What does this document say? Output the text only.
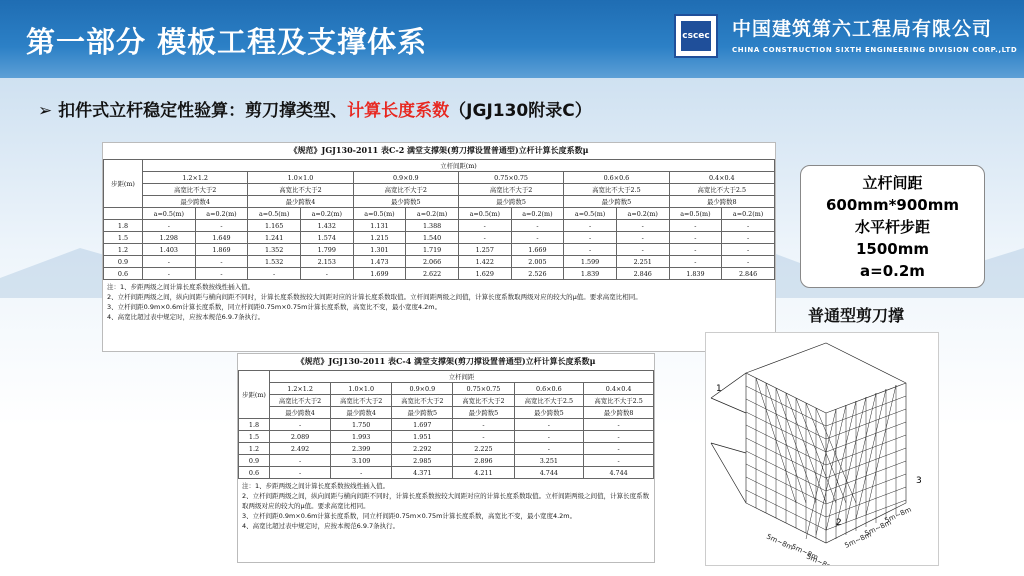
第一部分 模板工程及支撑体系	cscec 中国建筑第六工程局有限公司
CHINA CONSTRUCTION SIXTH ENGINEERING DIVISION CORP.,LTD
➢ 扣件式立杆稳定性验算：剪刀撑类型、计算长度系数（JGJ130附录C）
《规范》JGJ130-2011 表C-2 满堂支撑架(剪刀撑设置普通型)立杆计算长度系数μ
步距(m)	立杆间距(m)											
	1.2×1.2		1.0×1.0		0.9×0.9		0.75×0.75		0.6×0.6		0.4×0.4	
	高宽比不大于2		高宽比不大于2		高宽比不大于2		高宽比不大于2		高宽比不大于2.5		高宽比不大于2.5	
	最少跨数4		最少跨数4		最少跨数5		最少跨数5		最少跨数5		最少跨数8	
	a=0.5(m)	a=0.2(m)	a=0.5(m)	a=0.2(m)	a=0.5(m)	a=0.2(m)	a=0.5(m)	a=0.2(m)	a=0.5(m)	a=0.2(m)	a=0.5(m)	a=0.2(m)
1.8	-	-	1.165	1.432	1.131	1.388	-	-	-	-	-	-
1.5	1.298	1.649	1.241	1.574	1.215	1.540	-	-	-	-	-	-
1.2	1.403	1.869	1.352	1.799	1.301	1.719	1.257	1.669	-	-	-	-
0.9	-	-	1.532	2.153	1.473	2.066	1.422	2.005	1.599	2.251	-	-
0.6	-	-	-	-	1.699	2.622	1.629	2.526	1.839	2.846	1.839	2.846
注：1、步距两级之间计算长度系数按线性插入值。
2、立杆间距两级之间，纵向间距与横向间距不同时，计算长度系数按较大间距对应的计算长度系数取值。立杆间距两级之间值，计算长度系数取两级对应的较大的μ值。要求高宽比相同。
3、立杆间距0.9m×0.6m计算长度系数，同立杆间距0.75m×0.75m计算长度系数，高宽比不变，最小宽度4.2m。
4、高宽比超过表中规定时，应按本规范6.9.7条执行。
《规范》JGJ130-2011 表C-4 满堂支撑架(剪刀撑设置普通型)立杆计算长度系数μ
步距(m)	立杆间距					
	1.2×1.2	1.0×1.0	0.9×0.9	0.75×0.75	0.6×0.6	0.4×0.4
	高宽比不大于2	高宽比不大于2	高宽比不大于2	高宽比不大于2	高宽比不大于2.5	高宽比不大于2.5
	最少跨数4	最少跨数4	最少跨数5	最少跨数5	最少跨数5	最少跨数8
1.8	-	1.750	1.697	-	-	-
1.5	2.089	1.993	1.951	-	-	-
1.2	2.492	2.399	2.292	2.225	-	-
0.9	-	3.109	2.985	2.896	3.251	-
0.6	-	-	4.371	4.211	4.744	4.744
注：1、步距两级之间计算长度系数按线性插入值。
2、立杆间距两级之间，纵向间距与横向间距不同时，计算长度系数按较大间距对应的计算长度系数取值。立杆间距两级之间值，计算长度系数取两级对应的较大的μ值。要求高宽比相同。
3、立杆间距0.9m×0.6m计算长度系数，同立杆间距0.75m×0.75m计算长度系数，高宽比不变，最小宽度4.2m。
4、高宽比超过表中规定时，应按本规范6.9.7条执行。
立杆间距
600mm*900mm
水平杆步距
1500mm
a=0.2m
普通型剪刀撑
1
2
3
5m~8m
5m~8m
5m~8m
5m~8m
5m~8m
5m~8m
